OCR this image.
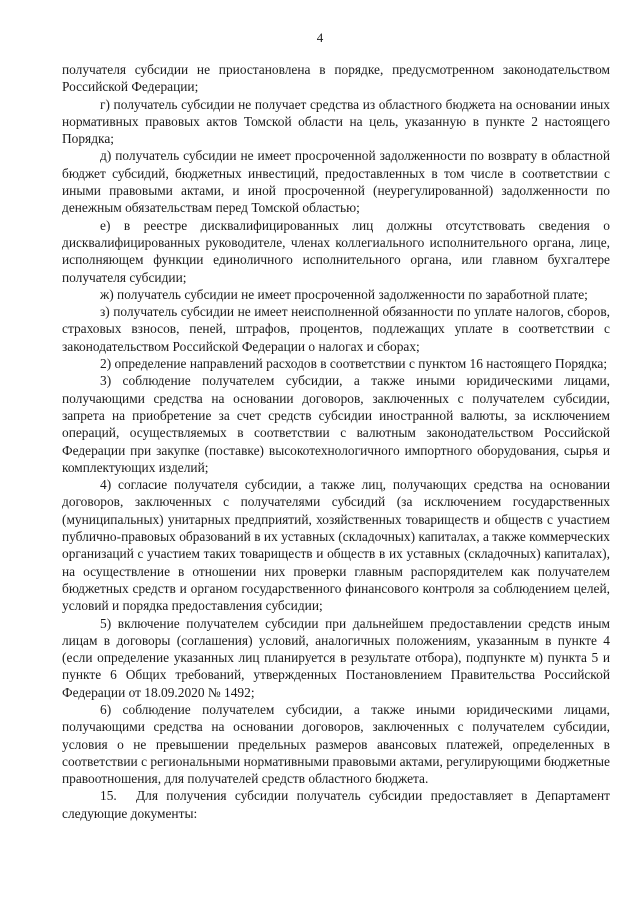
4

получателя субсидии не приостановлена в порядке, предусмотренном законодательством Российской Федерации;

г) получатель субсидии не получает средства из областного бюджета на основании иных нормативных правовых актов Томской области на цель, указанную в пункте 2 настоящего Порядка;

д) получатель субсидии не имеет просроченной задолженности по возврату в областной бюджет субсидий, бюджетных инвестиций, предоставленных в том числе в соответствии с иными правовыми актами, и иной просроченной (неурегулированной) задолженности по денежным обязательствам перед Томской областью;

е) в реестре дисквалифицированных лиц должны отсутствовать сведения о дисквалифицированных руководителе, членах коллегиального исполнительного органа, лице, исполняющем функции единоличного исполнительного органа, или главном бухгалтере получателя субсидии;

ж) получатель субсидии не имеет просроченной задолженности по заработной плате;

з) получатель субсидии не имеет неисполненной обязанности по уплате налогов, сборов, страховых взносов, пеней, штрафов, процентов, подлежащих уплате в соответствии с законодательством Российской Федерации о налогах и сборах;

2) определение направлений расходов в соответствии с пунктом 16 настоящего Порядка;

3) соблюдение получателем субсидии, а также иными юридическими лицами, получающими средства на основании договоров, заключенных с получателем субсидии, запрета на приобретение за счет средств субсидии иностранной валюты, за исключением операций, осуществляемых в соответствии с валютным законодательством Российской Федерации при закупке (поставке) высокотехнологичного импортного оборудования, сырья и комплектующих изделий;

4) согласие получателя субсидии, а также лиц, получающих средства на основании договоров, заключенных с получателями субсидий (за исключением государственных (муниципальных) унитарных предприятий, хозяйственных товариществ и обществ с участием публично-правовых образований в их уставных (складочных) капиталах, а также коммерческих организаций с участием таких товариществ и обществ в их уставных (складочных) капиталах), на осуществление в отношении них проверки главным распорядителем как получателем бюджетных средств и органом государственного финансового контроля за соблюдением целей, условий и порядка предоставления субсидии;

5) включение получателем субсидии при дальнейшем предоставлении средств иным лицам в договоры (соглашения) условий, аналогичных положениям, указанным в пункте 4 (если определение указанных лиц планируется в результате отбора), подпункте м) пункта 5 и пункте 6 Общих требований, утвержденных Постановлением Правительства Российской Федерации от 18.09.2020 № 1492;

6) соблюдение получателем субсидии, а также иными юридическими лицами, получающими средства на основании договоров, заключенных с получателем субсидии, условия о не превышении предельных размеров авансовых платежей, определенных в соответствии с региональными нормативными правовыми актами, регулирующими бюджетные правоотношения, для получателей средств областного бюджета.

15. Для получения субсидии получатель субсидии предоставляет в Департамент следующие документы:
